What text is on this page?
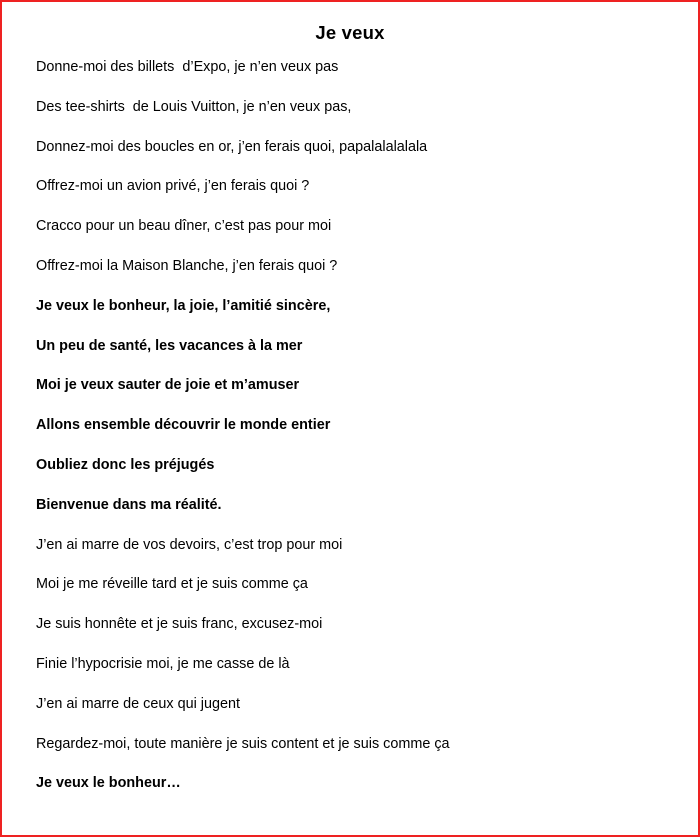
Je veux

Donne-moi des billets  d’Expo, je n’en veux pas

Des tee-shirts  de Louis Vuitton, je n’en veux pas,

Donnez-moi des boucles en or, j’en ferais quoi, papalalalalala

Offrez-moi un avion privé, j’en ferais quoi ?

Cracco pour un beau dîner, c’est pas pour moi

Offrez-moi la Maison Blanche, j’en ferais quoi ?

Je veux le bonheur, la joie, l’amitié sincère,

Un peu de santé, les vacances à la mer

Moi je veux sauter de joie et m’amuser

Allons ensemble découvrir le monde entier

Oubliez donc les préjugés

Bienvenue dans ma réalité.

J’en ai marre de vos devoirs, c’est trop pour moi

Moi je me réveille tard et je suis comme ça

Je suis honnête et je suis franc, excusez-moi

Finie l’hypocrisie moi, je me casse de là

J’en ai marre de ceux qui jugent

Regardez-moi, toute manière je suis content et je suis comme ça

Je veux le bonheur…
